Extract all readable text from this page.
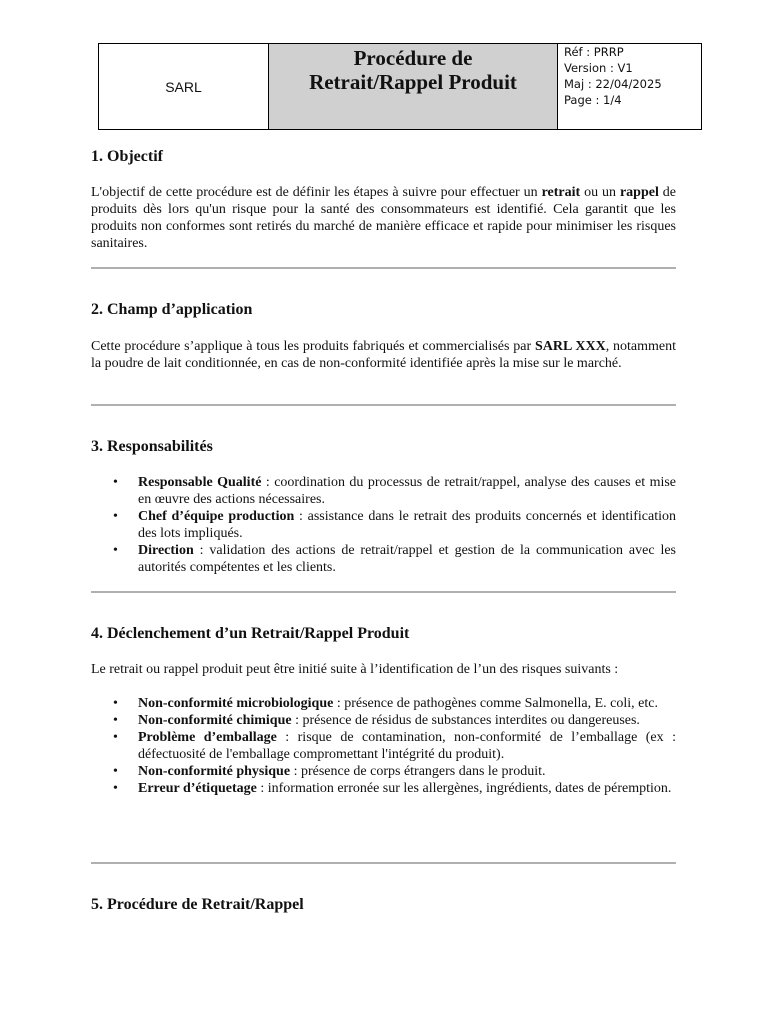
SARL
Procédure de
Retrait/Rappel Produit
Réf : PRRP
Version : V1
Maj : 22/04/2025
Page : 1/4
1. Objectif

L'objectif de cette procédure est de définir les étapes à suivre pour effectuer un retrait ou un rappel de produits dès lors qu'un risque pour la santé des consommateurs est identifié. Cela garantit que les produits non conformes sont retirés du marché de manière efficace et rapide pour minimiser les risques sanitaires.

2. Champ d’application

Cette procédure s’applique à tous les produits fabriqués et commercialisés par SARL XXX, notamment la poudre de lait conditionnée, en cas de non-conformité identifiée après la mise sur le marché.

3. Responsabilités
• Responsable Qualité : coordination du processus de retrait/rappel, analyse des causes et mise en œuvre des actions nécessaires.
• Chef d’équipe production : assistance dans le retrait des produits concernés et identification des lots impliqués.
• Direction : validation des actions de retrait/rappel et gestion de la communication avec les autorités compétentes et les clients.
4. Déclenchement d’un Retrait/Rappel Produit

Le retrait ou rappel produit peut être initié suite à l’identification de l’un des risques suivants :

• Non-conformité microbiologique : présence de pathogènes comme Salmonella, E. coli, etc.
• Non-conformité chimique : présence de résidus de substances interdites ou dangereuses.
• Problème d’emballage : risque de contamination, non-conformité de l’emballage (ex : défectuosité de l'emballage compromettant l'intégrité du produit).
• Non-conformité physique : présence de corps étrangers dans le produit.
• Erreur d’étiquetage : information erronée sur les allergènes, ingrédients, dates de péremption.
5. Procédure de Retrait/Rappel
